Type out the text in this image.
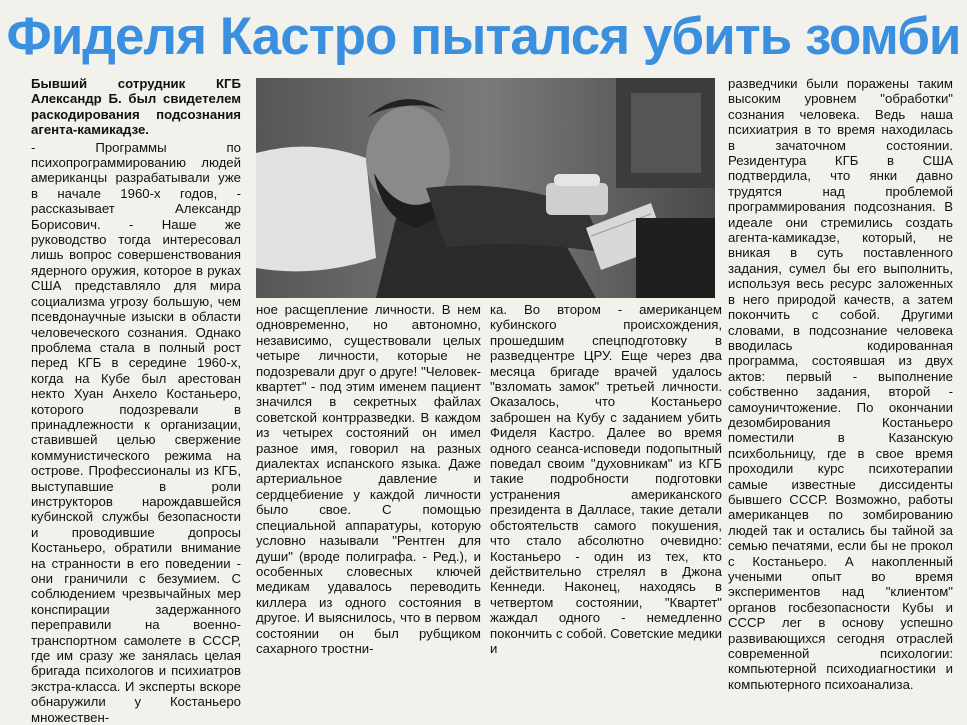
Фиделя Кастро пытался убить зомби

Бывший сотрудник КГБ Александр Б. был свидетелем раскодирования подсознания агента-камикадзе.

- Программы по психопрограммированию людей американцы разрабатывали уже в начале 1960-х годов, - рассказывает Александр Борисович. - Наше же руководство тогда интересовал лишь вопрос совершенствования ядерного оружия, которое в руках США представляло для мира социализма угрозу большую, чем псевдонаучные изыски в области человеческого сознания. Однако проблема стала в полный рост перед КГБ в середине 1960-х, когда на Кубе был арестован некто Хуан Анхело Костаньеро, которого подозревали в принадлежности к организации, ставившей целью свержение коммунистического режима на острове. Профессионалы из КГБ, выступавшие в роли инструкторов нарождавшейся кубинской службы безопасности и проводившие допросы Костаньеро, обратили внимание на странности в его поведении - они граничили с безумием. С соблюдением чрезвычайных мер конспирации задержанного переправили на военно-транспортном самолете в СССР, где им сразу же занялась целая бригада психологов и психиатров экстра-класса. И эксперты вскоре обнаружили у Костаньеро множествен-

ное расщепление личности. В нем одновременно, но автономно, независимо, существовали целых четыре личности, которые не подозревали друг о друге! "Человек-квартет" - под этим именем пациент значился в секретных файлах советской контрразведки. В каждом из четырех состояний он имел разное имя, говорил на разных диалектах испанского языка. Даже артериальное давление и сердцебиение у каждой личности было свое. С помощью специальной аппаратуры, которую условно называли "Рентген для души" (вроде полиграфа. - Ред.), и особенных словесных ключей медикам удавалось переводить киллера из одного состояния в другое. И выяснилось, что в первом состоянии он был рубщиком сахарного тростни-

ка. Во втором - американцем кубинского происхождения, прошедшим спецподготовку в разведцентре ЦРУ. Еще через два месяца бригаде врачей удалось "взломать замок" третьей личности. Оказалось, что Костаньеро заброшен на Кубу с заданием убить Фиделя Кастро. Далее во время одного сеанса-исповеди подопытный поведал своим "духовникам" из КГБ такие подробности подготовки устранения американского президента в Далласе, такие детали обстоятельств самого покушения, что стало абсолютно очевидно: Костаньеро - один из тех, кто действительно стрелял в Джона Кеннеди. Наконец, находясь в четвертом состоянии, "Квартет" жаждал одного - немедленно покончить с собой. Советские медики и

разведчики были поражены таким высоким уровнем "обработки" сознания человека. Ведь наша психиатрия в то время находилась в зачаточном состоянии. Резидентура КГБ в США подтвердила, что янки давно трудятся над проблемой программирования подсознания. В идеале они стремились создать агента-камикадзе, который, не вникая в суть поставленного задания, сумел бы его выполнить, используя весь ресурс заложенных в него природой качеств, а затем покончить с собой. Другими словами, в подсознание человека вводилась кодированная программа, состоявшая из двух актов: первый - выполнение собственно задания, второй - самоуничтожение. По окончании дезомбирования Костаньеро поместили в Казанскую психбольницу, где в свое время проходили курс психотерапии самые известные диссиденты бывшего СССР. Возможно, работы американцев по зомбированию людей так и остались бы тайной за семью печатями, если бы не прокол с Костаньеро. А накопленный учеными опыт во время экспериментов над "клиентом" органов госбезопасности Кубы и СССР лег в основу успешно развивающихся сегодня отраслей современной психологии: компьютерной психодиагностики и компьютерного психоанализа.
